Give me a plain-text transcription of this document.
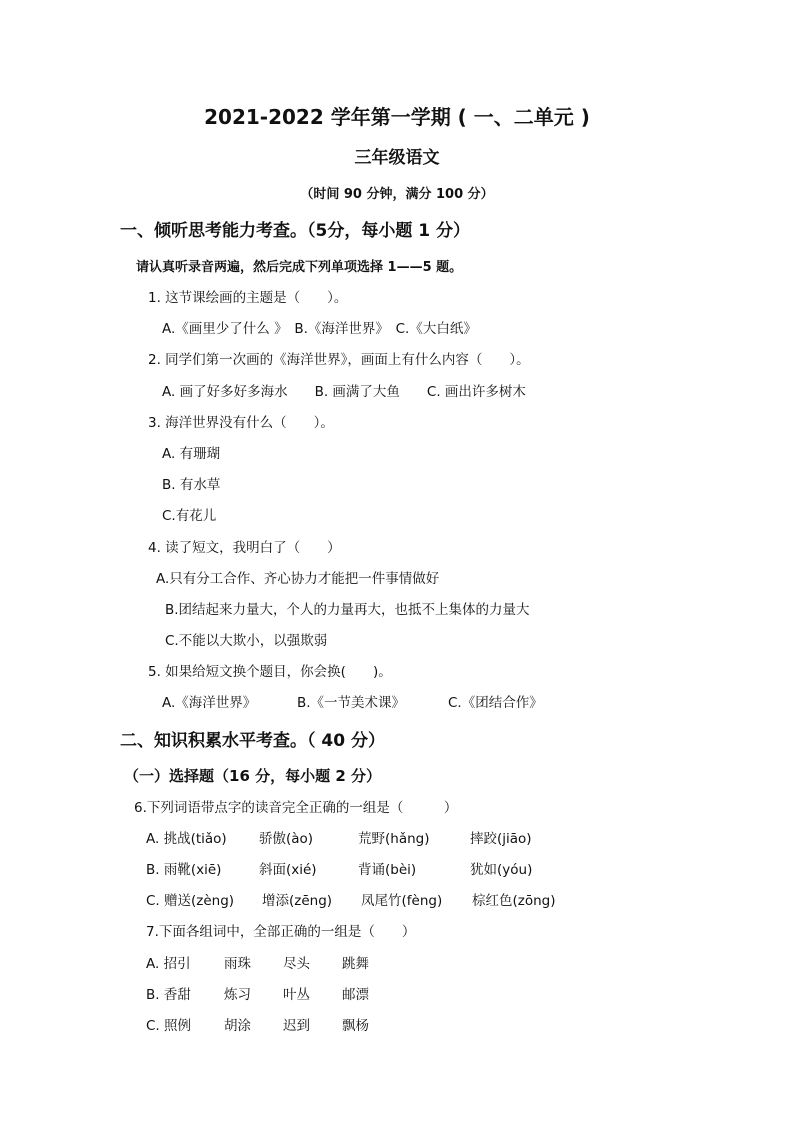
2021-2022 学年第一学期 ( 一、二单元 )
三年级语文
（时间 90 分钟，满分 100 分）
一、倾听思考能力考查。（5分，每小题 1 分）
请认真听录音两遍，然后完成下列单项选择 1——5 题。
1. 这节课绘画的主题是（　　）。
A.《画里少了什么 》　B.《海洋世界》　C.《大白纸》
2. 同学们第一次画的《海洋世界》，画面上有什么内容（　　）。
A. 画了好多好多海水　　B. 画满了大鱼　　C. 画出许多树木
3. 海洋世界没有什么（　　）。
A. 有珊瑚
B. 有水草
C.有花儿
4. 读了短文，我明白了（　　）
A.只有分工合作、齐心协力才能把一件事情做好
B.团结起来力量大，个人的力量再大，也抵不上集体的力量大
C.不能以大欺小，以强欺弱
5. 如果给短文换个题目，你会换(　　)。
A.《海洋世界》	B.《一节美术课》	C.《团结合作》
二、知识积累水平考查。（ 40 分）
（一）选择题（16 分，每小题 2 分）
6.下列词语带点字的读音完全正确的一组是（　　　）
A. 挑战(tiǎo) 骄傲(ào)	荒野(hǎng)	摔跤(jiāo)
B. 雨靴(xiē)	斜面(xié)	背诵(bèi)	犹如(yóu)
C. 赠送(zèng) 增添(zēng) 凤尾竹(fèng) 棕红色(zōng)
7.下面各组词中，全部正确的一组是（　　）
A. 招引 雨珠 尽头 跳舞
B. 香甜 炼习 叶丛 邮漂
C. 照例 胡涂 迟到 飘杨
